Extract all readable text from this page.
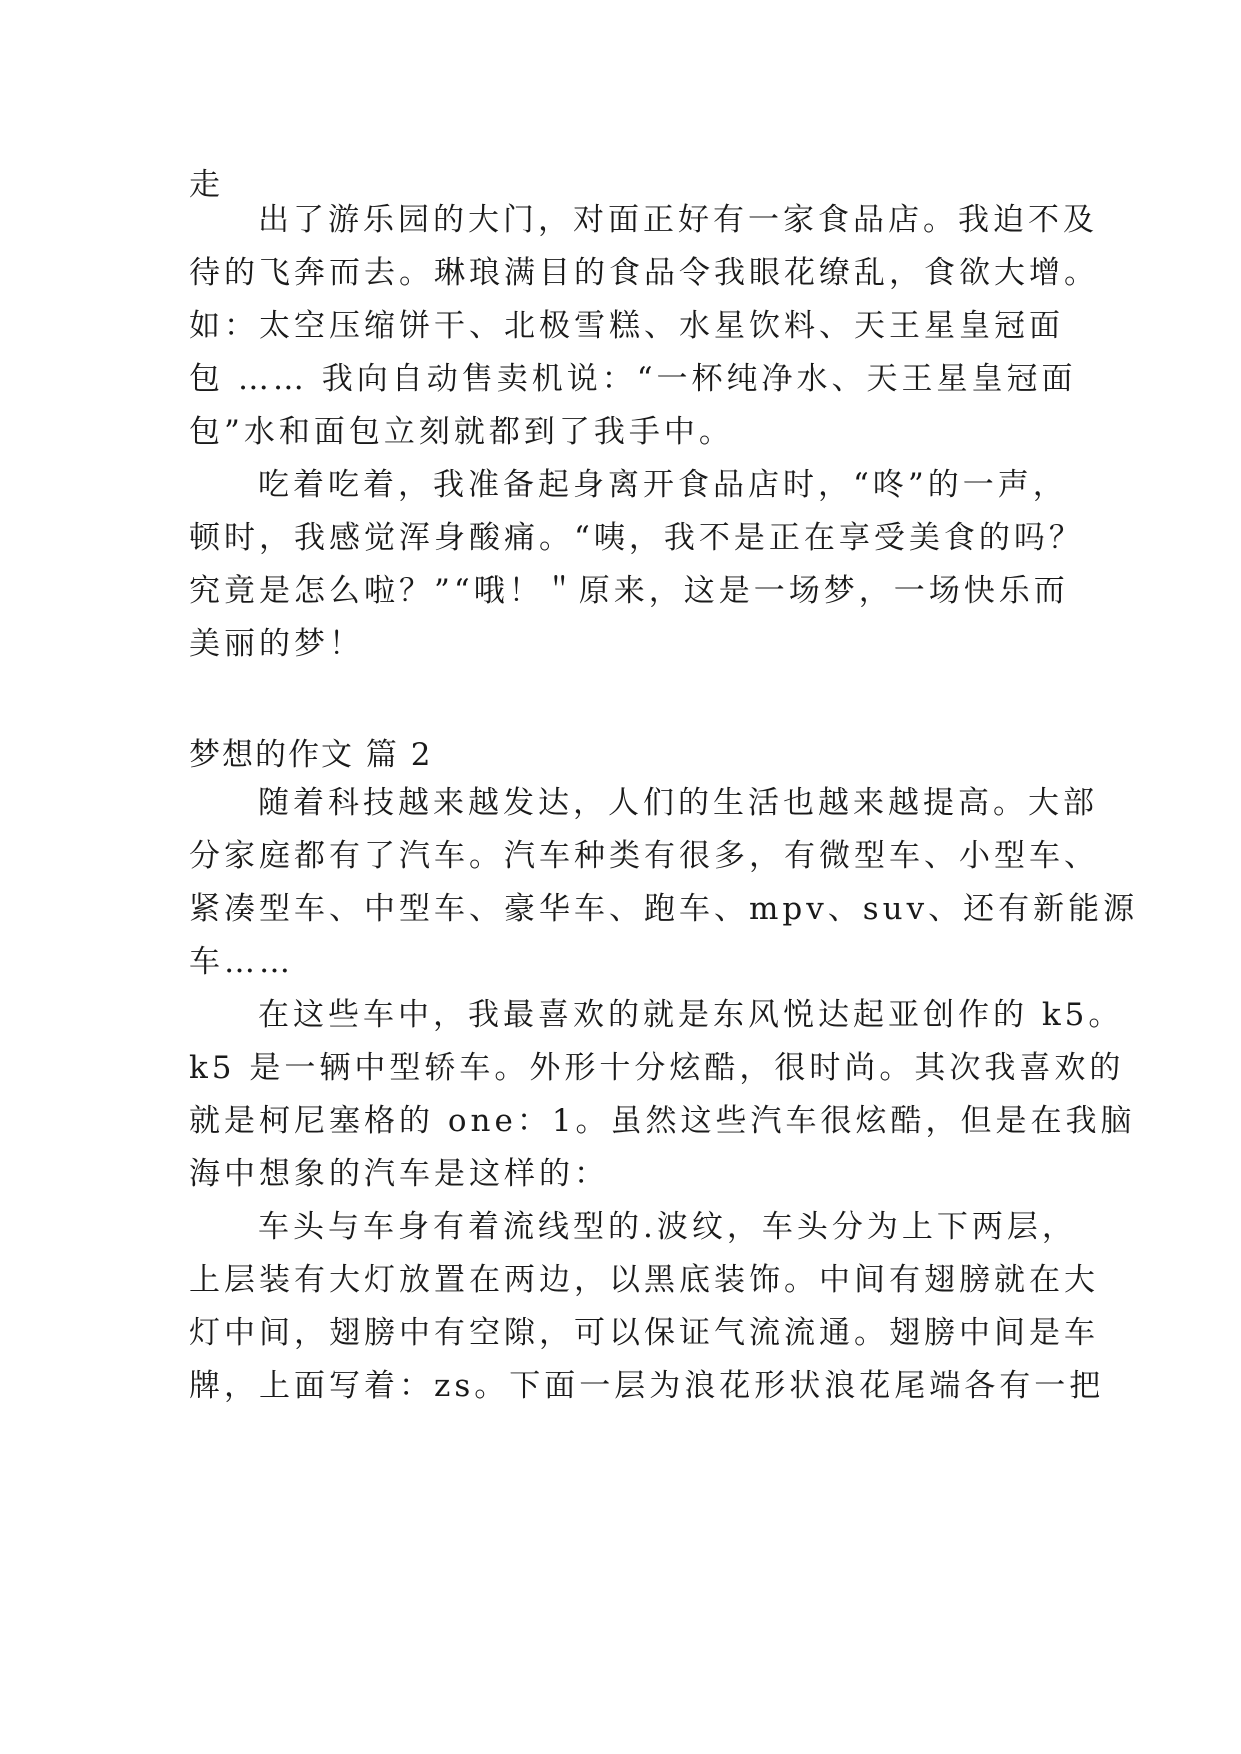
走

出了游乐园的大门，对面正好有一家食品店。我迫不及

待的飞奔而去。琳琅满目的食品令我眼花缭乱，食欲大增。

如：太空压缩饼干、北极雪糕、水星饮料、天王星皇冠面

包 …… 我向自动售卖机说：“一杯纯净水、天王星皇冠面

包”水和面包立刻就都到了我手中。

吃着吃着，我准备起身离开食品店时，“咚”的一声，

顿时，我感觉浑身酸痛。“咦，我不是正在享受美食的吗？

究竟是怎么啦？”“哦！＂原来，这是一场梦，一场快乐而

美丽的梦！

梦想的作文 篇 2

随着科技越来越发达，人们的生活也越来越提高。大部

分家庭都有了汽车。汽车种类有很多，有微型车、小型车、

紧凑型车、中型车、豪华车、跑车、mpv、suv、还有新能源

车……

在这些车中，我最喜欢的就是东风悦达起亚创作的 k5。

k5 是一辆中型轿车。外形十分炫酷，很时尚。其次我喜欢的

就是柯尼塞格的 one：1。虽然这些汽车很炫酷，但是在我脑

海中想象的汽车是这样的：

车头与车身有着流线型的.波纹，车头分为上下两层，

上层装有大灯放置在两边，以黑底装饰。中间有翅膀就在大

灯中间，翅膀中有空隙，可以保证气流流通。翅膀中间是车

牌，上面写着：zs。下面一层为浪花形状浪花尾端各有一把
